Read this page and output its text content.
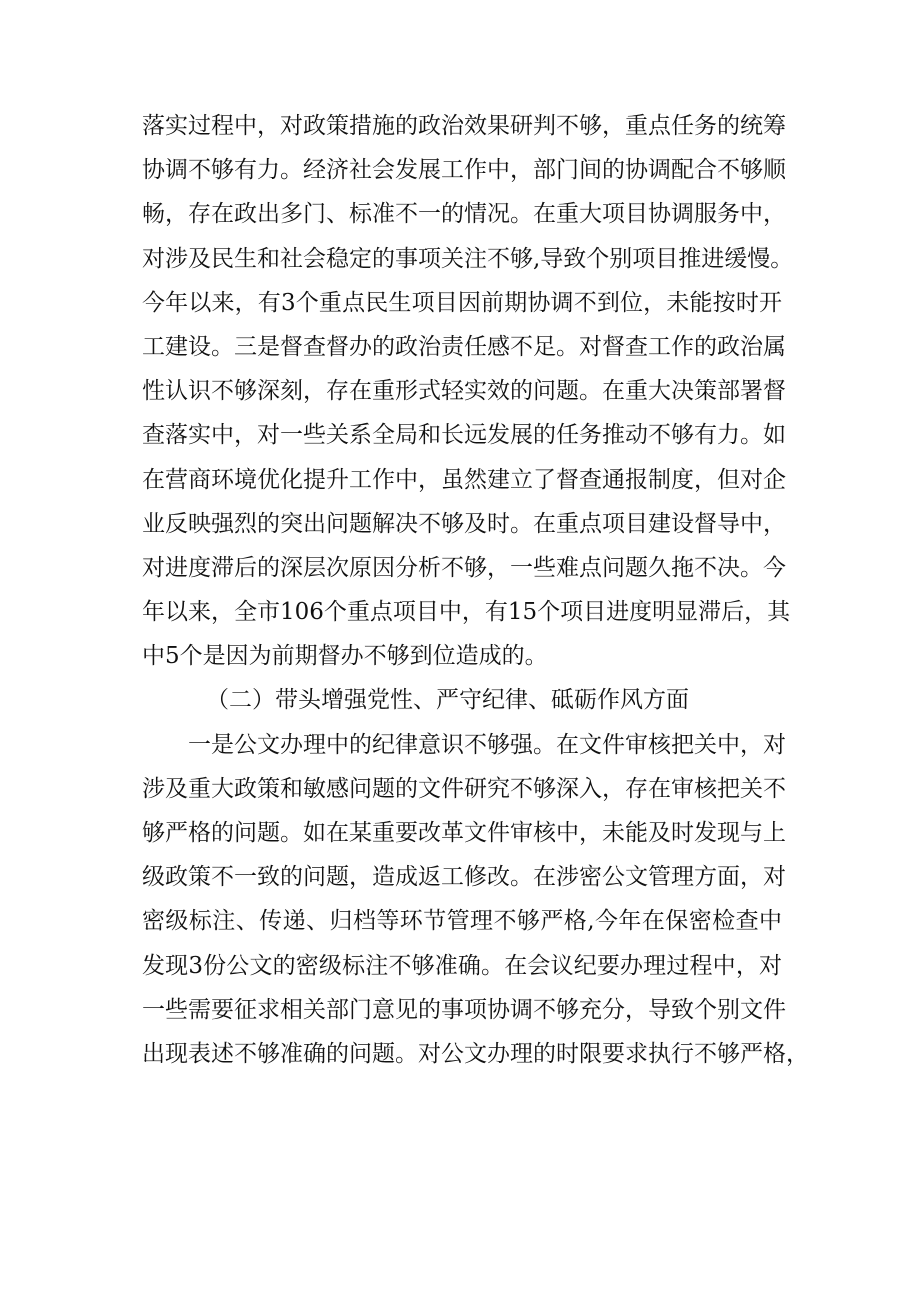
落实过程中，对政策措施的政治效果研判不够，重点任务的统筹
协调不够有力。经济社会发展工作中，部门间的协调配合不够顺
畅，存在政出多门、标准不一的情况。在重大项目协调服务中，
对涉及民生和社会稳定的事项关注不够,导致个别项目推进缓慢。
今年以来，有3个重点民生项目因前期协调不到位，未能按时开
工建设。三是督查督办的政治责任感不足。对督查工作的政治属
性认识不够深刻，存在重形式轻实效的问题。在重大决策部署督
查落实中，对一些关系全局和长远发展的任务推动不够有力。如
在营商环境优化提升工作中，虽然建立了督查通报制度，但对企
业反映强烈的突出问题解决不够及时。在重点项目建设督导中，
对进度滞后的深层次原因分析不够，一些难点问题久拖不决。今
年以来，全市106个重点项目中，有15个项目进度明显滞后，其
中5个是因为前期督办不够到位造成的。
（二）带头增强党性、严守纪律、砥砺作风方面
一是公文办理中的纪律意识不够强。在文件审核把关中，对
涉及重大政策和敏感问题的文件研究不够深入，存在审核把关不
够严格的问题。如在某重要改革文件审核中，未能及时发现与上
级政策不一致的问题，造成返工修改。在涉密公文管理方面，对
密级标注、传递、归档等环节管理不够严格,今年在保密检查中
发现3份公文的密级标注不够准确。在会议纪要办理过程中，对
一些需要征求相关部门意见的事项协调不够充分，导致个别文件
出现表述不够准确的问题。对公文办理的时限要求执行不够严格，
